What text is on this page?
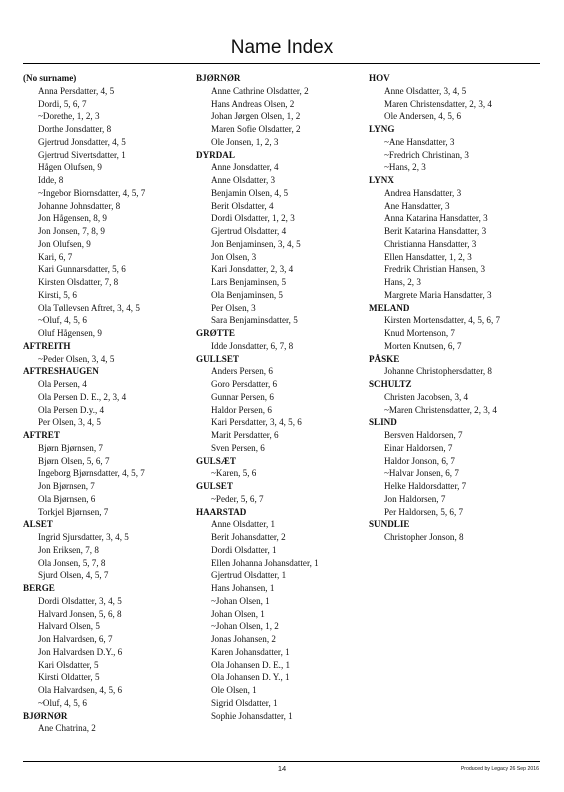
Name Index
(No surname)
Anna Persdatter, 4, 5
Dordi, 5, 6, 7
~Dorethe, 1, 2, 3
Dorthe Jonsdatter, 8
Gjertrud Jonsdatter, 4, 5
Gjertrud Sivertsdatter, 1
Hågen Olufsen, 9
Idde, 8
~Ingebor Biornsdatter, 4, 5, 7
Johanne Johnsdatter, 8
Jon Hågensen, 8, 9
Jon Jonsen, 7, 8, 9
Jon Olufsen, 9
Kari, 6, 7
Kari Gunnarsdatter, 5, 6
Kirsten Olsdatter, 7, 8
Kirsti, 5, 6
Ola Tøllevsen Aftret, 3, 4, 5
~Oluf, 4, 5, 6
Oluf Hågensen, 9
AFTREITH
~Peder Olsen, 3, 4, 5
AFTRESHAUGEN
Ola Persen, 4
Ola Persen D. E., 2, 3, 4
Ola Persen D.y., 4
Per Olsen, 3, 4, 5
AFTRET
Bjørn Bjørnsen, 7
Bjørn Olsen, 5, 6, 7
Ingeborg Bjørnsdatter, 4, 5, 7
Jon Bjørnsen, 7
Ola Bjørnsen, 6
Torkjel Bjørnsen, 7
ALSET
Ingrid Sjursdatter, 3, 4, 5
Jon Eriksen, 7, 8
Ola Jonsen, 5, 7, 8
Sjurd Olsen, 4, 5, 7
BERGE
Dordi Olsdatter, 3, 4, 5
Halvard Jonsen, 5, 6, 8
Halvard Olsen, 5
Jon Halvardsen, 6, 7
Jon Halvardsen D.Y., 6
Kari Olsdatter, 5
Kirsti Oldatter, 5
Ola Halvardsen, 4, 5, 6
~Oluf, 4, 5, 6
BJØRNØR
Ane Chatrina, 2
BJØRNØR
Anne Cathrine Olsdatter, 2
Hans Andreas Olsen, 2
Johan Jørgen Olsen, 1, 2
Maren Sofie Olsdatter, 2
Ole Jonsen, 1, 2, 3
DYRDAL
Anne Jonsdatter, 4
Anne Olsdatter, 3
Benjamin Olsen, 4, 5
Berit Olsdatter, 4
Dordi Olsdatter, 1, 2, 3
Gjertrud Olsdatter, 4
Jon Benjaminsen, 3, 4, 5
Jon Olsen, 3
Kari Jonsdatter, 2, 3, 4
Lars Benjaminsen, 5
Ola Benjaminsen, 5
Per Olsen, 3
Sara Benjaminsdatter, 5
GRØTTE
Idde Jonsdatter, 6, 7, 8
GULLSET
Anders Persen, 6
Goro Persdatter, 6
Gunnar Persen, 6
Haldor Persen, 6
Kari Persdatter, 3, 4, 5, 6
Marit Persdatter, 6
Sven Persen, 6
GULSÆT
~Karen, 5, 6
GULSET
~Peder, 5, 6, 7
HAARSTAD
Anne Olsdatter, 1
Berit Johansdatter, 2
Dordi Olsdatter, 1
Ellen Johanna Johansdatter, 1
Gjertrud Olsdatter, 1
Hans Johansen, 1
~Johan Olsen, 1
Johan Olsen, 1
~Johan Olsen, 1, 2
Jonas Johansen, 2
Karen Johansdatter, 1
Ola Johansen D. E., 1
Ola Johansen D. Y., 1
Ole Olsen, 1
Sigrid Olsdatter, 1
Sophie Johansdatter, 1
HOV
Anne Olsdatter, 3, 4, 5
Maren Christensdatter, 2, 3, 4
Ole Andersen, 4, 5, 6
LYNG
~Ane Hansdatter, 3
~Fredrich Christinan, 3
~Hans, 2, 3
LYNX
Andrea Hansdatter, 3
Ane Hansdatter, 3
Anna Katarina Hansdatter, 3
Berit Katarina Hansdatter, 3
Christianna Hansdatter, 3
Ellen Hansdatter, 1, 2, 3
Fredrik Christian Hansen, 3
Hans, 2, 3
Margrete Maria Hansdatter, 3
MELAND
Kirsten Mortensdatter, 4, 5, 6, 7
Knud Mortenson, 7
Morten Knutsen, 6, 7
PÅSKE
Johanne Christophersdatter, 8
SCHULTZ
Christen Jacobsen, 3, 4
~Maren Christensdatter, 2, 3, 4
SLIND
Bersven Haldorsen, 7
Einar Haldorsen, 7
Haldor Jonson, 6, 7
~Halvar Jonsen, 6, 7
Helke Haldorsdatter, 7
Jon Haldorsen, 7
Per Haldorsen, 5, 6, 7
SUNDLIE
Christopher Jonson, 8
14	Produced by Legacy 26 Sep 2016
